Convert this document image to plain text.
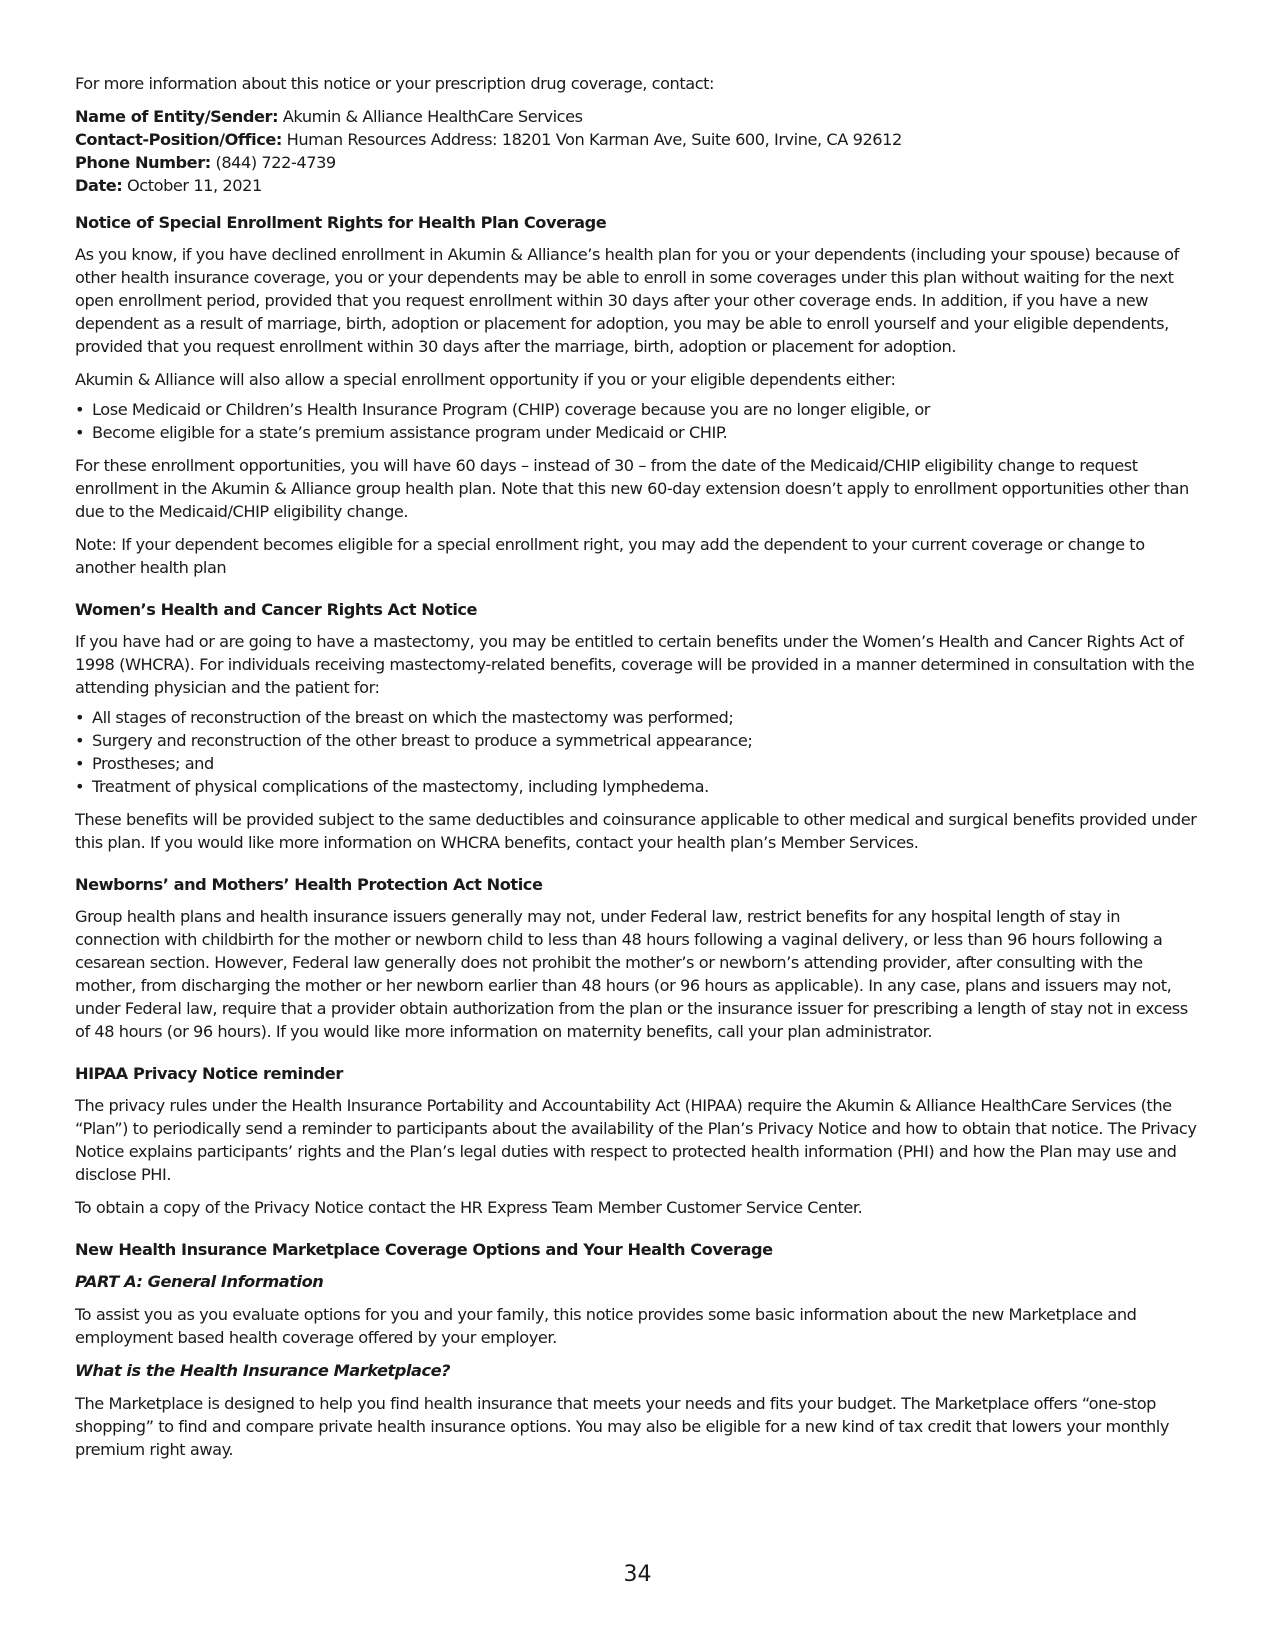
For more information about this notice or your prescription drug coverage, contact:

Name of Entity/Sender: Akumin & Alliance HealthCare Services
Contact-Position/Office: Human Resources Address: 18201 Von Karman Ave, Suite 600, Irvine, CA 92612
Phone Number: (844) 722-4739
Date: October 11, 2021
Notice of Special Enrollment Rights for Health Plan Coverage

As you know, if you have declined enrollment in Akumin & Alliance’s health plan for you or your dependents (including your spouse) because of other health insurance coverage, you or your dependents may be able to enroll in some coverages under this plan without waiting for the next open enrollment period, provided that you request enrollment within 30 days after your other coverage ends. In addition, if you have a new dependent as a result of marriage, birth, adoption or placement for adoption, you may be able to enroll yourself and your eligible dependents, provided that you request enrollment within 30 days after the marriage, birth, adoption or placement for adoption.

Akumin & Alliance will also allow a special enrollment opportunity if you or your eligible dependents either:

• Lose Medicaid or Children’s Health Insurance Program (CHIP) coverage because you are no longer eligible, or
• Become eligible for a state’s premium assistance program under Medicaid or CHIP.

For these enrollment opportunities, you will have 60 days – instead of 30 – from the date of the Medicaid/CHIP eligibility change to request enrollment in the Akumin & Alliance group health plan. Note that this new 60-day extension doesn’t apply to enrollment opportunities other than due to the Medicaid/CHIP eligibility change.

Note: If your dependent becomes eligible for a special enrollment right, you may add the dependent to your current coverage or change to another health plan

Women’s Health and Cancer Rights Act Notice

If you have had or are going to have a mastectomy, you may be entitled to certain benefits under the Women’s Health and Cancer Rights Act of 1998 (WHCRA). For individuals receiving mastectomy-related benefits, coverage will be provided in a manner determined in consultation with the attending physician and the patient for:

• All stages of reconstruction of the breast on which the mastectomy was performed;
• Surgery and reconstruction of the other breast to produce a symmetrical appearance;
• Prostheses; and
• Treatment of physical complications of the mastectomy, including lymphedema.

These benefits will be provided subject to the same deductibles and coinsurance applicable to other medical and surgical benefits provided under this plan. If you would like more information on WHCRA benefits, contact your health plan’s Member Services.

Newborns’ and Mothers’ Health Protection Act Notice

Group health plans and health insurance issuers generally may not, under Federal law, restrict benefits for any hospital length of stay in connection with childbirth for the mother or newborn child to less than 48 hours following a vaginal delivery, or less than 96 hours following a cesarean section. However, Federal law generally does not prohibit the mother’s or newborn’s attending provider, after consulting with the mother, from discharging the mother or her newborn earlier than 48 hours (or 96 hours as applicable). In any case, plans and issuers may not, under Federal law, require that a provider obtain authorization from the plan or the insurance issuer for prescribing a length of stay not in excess of 48 hours (or 96 hours). If you would like more information on maternity benefits, call your plan administrator.

HIPAA Privacy Notice reminder

The privacy rules under the Health Insurance Portability and Accountability Act (HIPAA) require the Akumin & Alliance HealthCare Services (the “Plan”) to periodically send a reminder to participants about the availability of the Plan’s Privacy Notice and how to obtain that notice. The Privacy Notice explains participants’ rights and the Plan’s legal duties with respect to protected health information (PHI) and how the Plan may use and disclose PHI.

To obtain a copy of the Privacy Notice contact the HR Express Team Member Customer Service Center.

New Health Insurance Marketplace Coverage Options and Your Health Coverage
PART A: General Information

To assist you as you evaluate options for you and your family, this notice provides some basic information about the new Marketplace and employment based health coverage offered by your employer.

What is the Health Insurance Marketplace?

The Marketplace is designed to help you find health insurance that meets your needs and fits your budget. The Marketplace offers “one-stop shopping” to find and compare private health insurance options. You may also be eligible for a new kind of tax credit that lowers your monthly premium right away.

34
